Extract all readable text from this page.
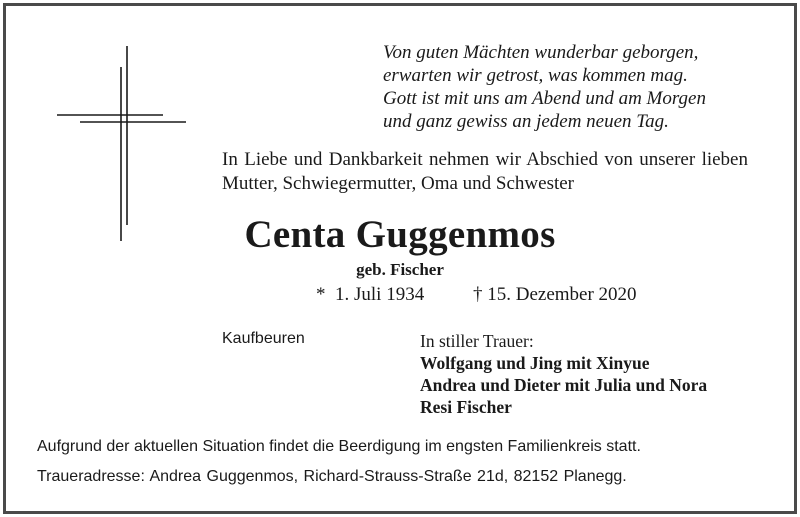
Von guten Mächten wunderbar geborgen,
erwarten wir getrost, was kommen mag.
Gott ist mit uns am Abend und am Morgen
und ganz gewiss an jedem neuen Tag.
In Liebe und Dankbarkeit nehmen wir Abschied von unserer lieben Mutter, Schwiegermutter, Oma und Schwester
Centa Guggenmos
geb. Fischer
*  1. Juli 1934	† 15. Dezember 2020
Kaufbeuren	In stiller Trauer:
Wolfgang und Jing mit Xinyue
Andrea und Dieter mit Julia und Nora
Resi Fischer
Aufgrund der aktuellen Situation findet die Beerdigung im engsten Familienkreis statt.
Traueradresse: Andrea Guggenmos, Richard-Strauss-Straße 21d, 82152 Planegg.
